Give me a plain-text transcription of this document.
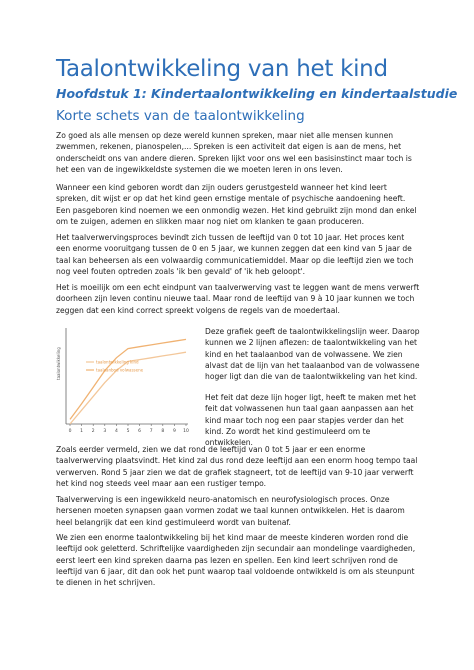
Taalontwikkeling van het kind
Hoofdstuk 1: Kindertaalontwikkeling en kindertaalstudie
Korte schets van de taalontwikkeling
Zo goed als alle mensen op deze wereld kunnen spreken, maar niet alle mensen kunnen zwemmen, rekenen, pianospelen,... Spreken is een activiteit dat eigen is aan de mens, het onderscheidt ons van andere dieren. Spreken lijkt voor ons wel een basisinstinct maar toch is het een van de ingewikkeldste systemen die we moeten leren in ons leven.
Wanneer een kind geboren wordt dan zijn ouders gerustgesteld wanneer het kind leert spreken, dit wijst er op dat het kind geen ernstige mentale of psychische aandoening heeft. Een pasgeboren kind noemen we een onmondig wezen. Het kind gebruikt zijn mond dan enkel om te zuigen, ademen en slikken maar nog niet om klanken te gaan produceren.
Het taalverwervingsproces bevindt zich tussen de leeftijd van 0 tot 10 jaar. Het proces kent een enorme vooruitgang tussen de 0 en 5 jaar, we kunnen zeggen dat een kind van 5 jaar de taal kan beheersen als een volwaardig communicatiemiddel. Maar op die leeftijd zien we toch nog veel fouten optreden zoals 'ik ben gevald' of 'ik heb geloopt'.
Het is moeilijk om een echt eindpunt van taalverwerving vast te leggen want de mens verwerft doorheen zijn leven continu nieuwe taal. Maar rond de leeftijd van 9 à 10 jaar kunnen we toch zeggen dat een kind correct spreekt volgens de regels van de moedertaal.
taalontwikkeling
0 1 2 3 4 5 6 7 8 9 10
taalontwikkeling kind
taalaanbod volwassene
Deze grafiek geeft de taalontwikkelingslijn weer. Daarop kunnen we 2 lijnen aflezen: de taalontwikkeling van het kind en het taalaanbod van de volwassene. We zien alvast dat de lijn van het taalaanbod van de volwassene hoger ligt dan die van de taalontwikkeling van het kind.
Het feit dat deze lijn hoger ligt, heeft te maken met het feit dat volwassenen hun taal gaan aanpassen aan het kind maar toch nog een paar stapjes verder dan het kind. Zo wordt het kind gestimuleerd om te ontwikkelen.
Zoals eerder vermeld, zien we dat rond de leeftijd van 0 tot 5 jaar er een enorme taalverwerving plaatsvindt. Het kind zal dus rond deze leeftijd aan een enorm hoog tempo taal verwerven. Rond 5 jaar zien we dat de grafiek stagneert, tot de leeftijd van 9-10 jaar verwerft het kind nog steeds veel maar aan een rustiger tempo.
Taalverwerving is een ingewikkeld neuro-anatomisch en neurofysiologisch proces. Onze hersenen moeten synapsen gaan vormen zodat we taal kunnen ontwikkelen. Het is daarom heel belangrijk dat een kind gestimuleerd wordt van buitenaf.
We zien een enorme taalontwikkeling bij het kind maar de meeste kinderen worden rond die leeftijd ook geletterd. Schriftelijke vaardigheden zijn secundair aan mondelinge vaardigheden, eerst leert een kind spreken daarna pas lezen en spellen. Een kind leert schrijven rond de leeftijd van 6 jaar, dit dan ook het punt waarop taal voldoende ontwikkeld is om als steunpunt te dienen in het schrijven.
